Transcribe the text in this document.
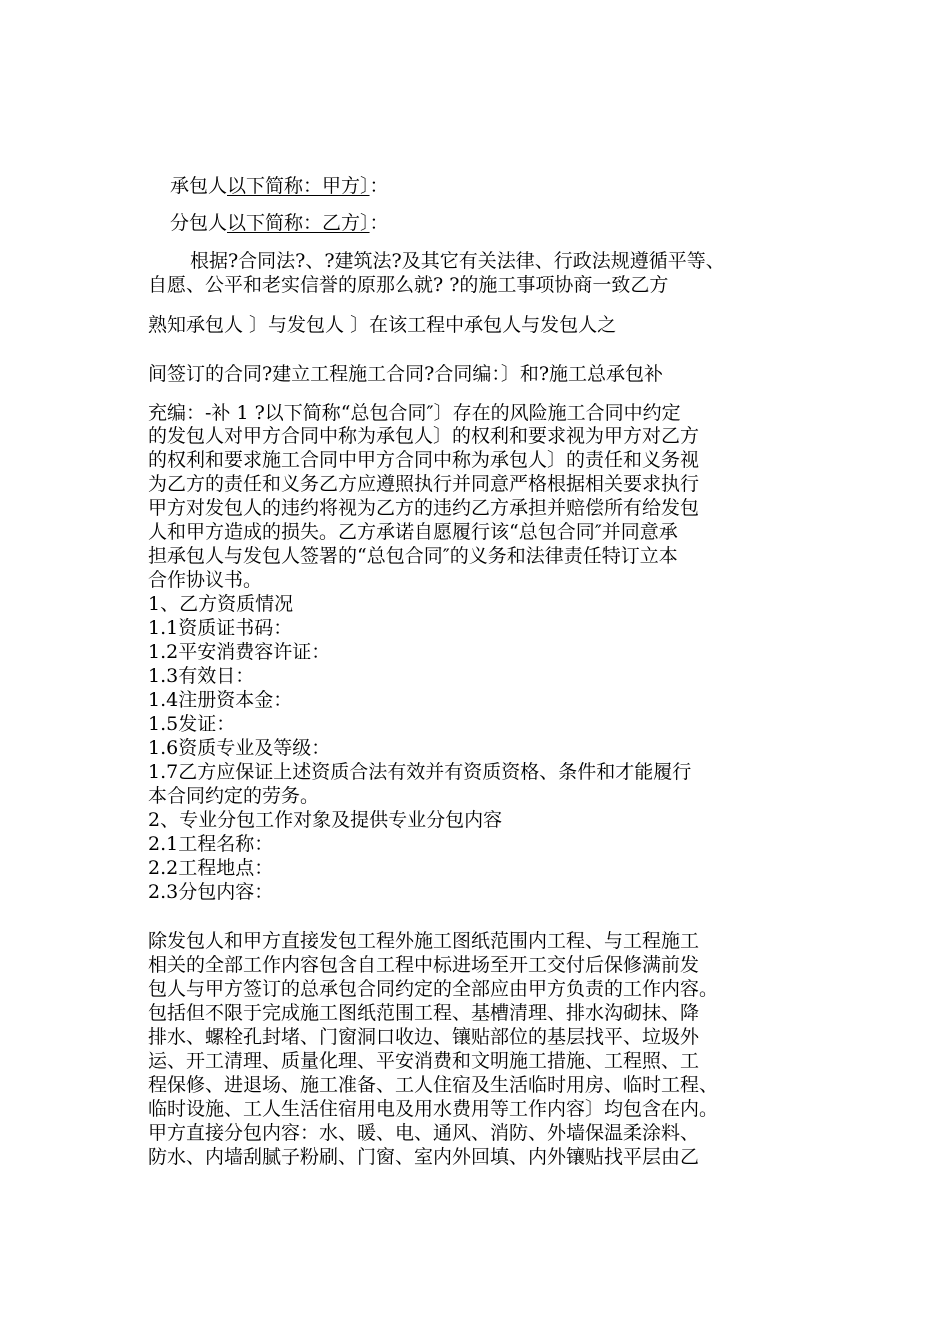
承包人以下简称：甲方〕：
分包人以下简称：乙方〕：
根据?合同法?、?建筑法?及其它有关法律、行政法规遵循平等、
自愿、公平和老实信誉的原那么就? ?的施工事项协商一致乙方
熟知承包人 〕与发包人 〕在该工程中承包人与发包人之
间签订的合同?建立工程施工合同?合同编：〕和?施工总承包补
充编：-补 1 ?以下简称“总包合同″〕存在的风险施工合同中约定
的发包人对甲方合同中称为承包人〕的权利和要求视为甲方对乙方
的权利和要求施工合同中甲方合同中称为承包人〕的责任和义务视
为乙方的责任和义务乙方应遵照执行并同意严格根据相关要求执行
甲方对发包人的违约将视为乙方的违约乙方承担并赔偿所有给发包
人和甲方造成的损失。乙方承诺自愿履行该“总包合同″并同意承
担承包人与发包人签署的“总包合同″的义务和法律责任特订立本
合作协议书。
1、乙方资质情况
1.1资质证书码：
1.2平安消费容许证：
1.3有效日：
1.4注册资本金：
1.5发证：
1.6资质专业及等级：
1.7乙方应保证上述资质合法有效并有资质资格、条件和才能履行
本合同约定的劳务。
2、专业分包工作对象及提供专业分包内容
2.1工程名称：
2.2工程地点：
2.3分包内容：
除发包人和甲方直接发包工程外施工图纸范围内工程、与工程施工
相关的全部工作内容包含自工程中标进场至开工交付后保修满前发
包人与甲方签订的总承包合同约定的全部应由甲方负责的工作内容。
包括但不限于完成施工图纸范围工程、基槽清理、排水沟砌抹、降
排水、螺栓孔封堵、门窗洞口收边、镶贴部位的基层找平、垃圾外
运、开工清理、质量化理、平安消费和文明施工措施、工程照、工
程保修、进退场、施工准备、工人住宿及生活临时用房、临时工程、
临时设施、工人生活住宿用电及用水费用等工作内容〕均包含在内。
甲方直接分包内容：水、暖、电、通风、消防、外墙保温柔涂料、
防水、内墙刮腻子粉刷、门窗、室内外回填、内外镶贴找平层由乙
